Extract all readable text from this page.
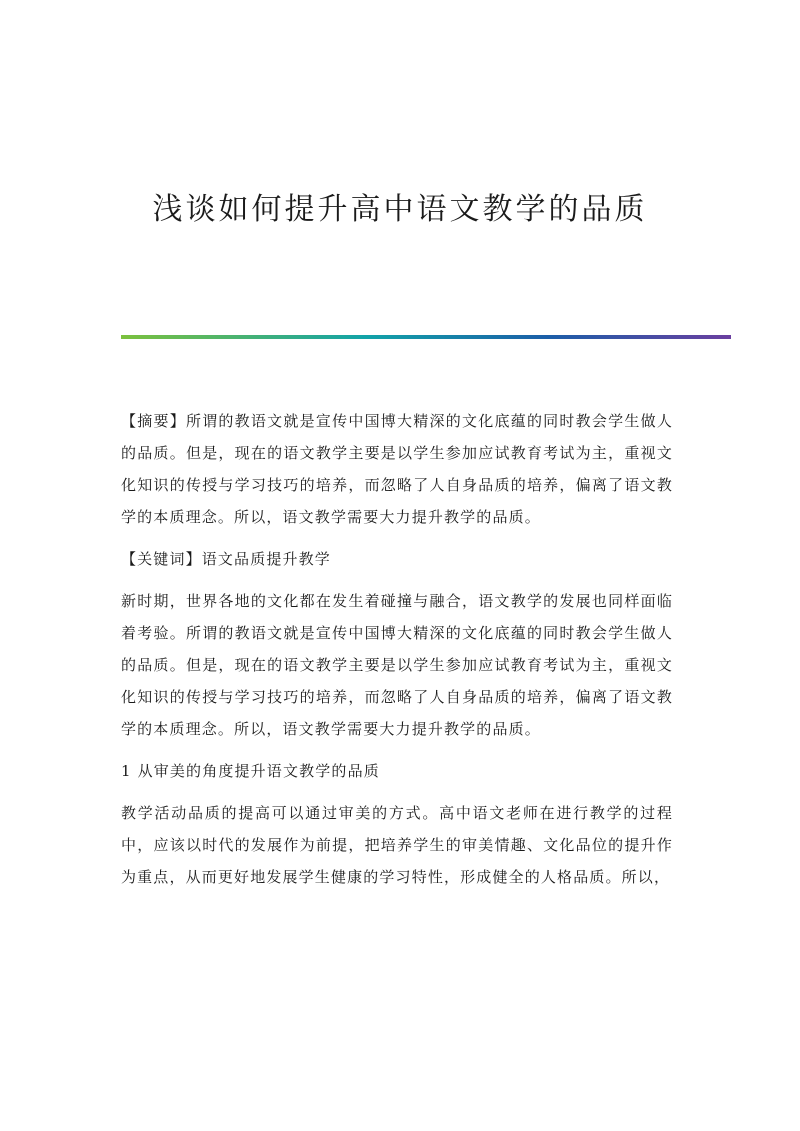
浅谈如何提升高中语文教学的品质

【摘要】所谓的教语文就是宣传中国博大精深的文化底蕴的同时教会学生做人的品质。但是，现在的语文教学主要是以学生参加应试教育考试为主，重视文化知识的传授与学习技巧的培养，而忽略了人自身品质的培养，偏离了语文教学的本质理念。所以，语文教学需要大力提升教学的品质。

【关键词】语文品质提升教学

新时期，世界各地的文化都在发生着碰撞与融合，语文教学的发展也同样面临着考验。所谓的教语文就是宣传中国博大精深的文化底蕴的同时教会学生做人的品质。但是，现在的语文教学主要是以学生参加应试教育考试为主，重视文化知识的传授与学习技巧的培养，而忽略了人自身品质的培养，偏离了语文教学的本质理念。所以，语文教学需要大力提升教学的品质。

1 从审美的角度提升语文教学的品质

教学活动品质的提高可以通过审美的方式。高中语文老师在进行教学的过程中，应该以时代的发展作为前提，把培养学生的审美情趣、文化品位的提升作为重点，从而更好地发展学生健康的学习特性，形成健全的人格品质。所以，
